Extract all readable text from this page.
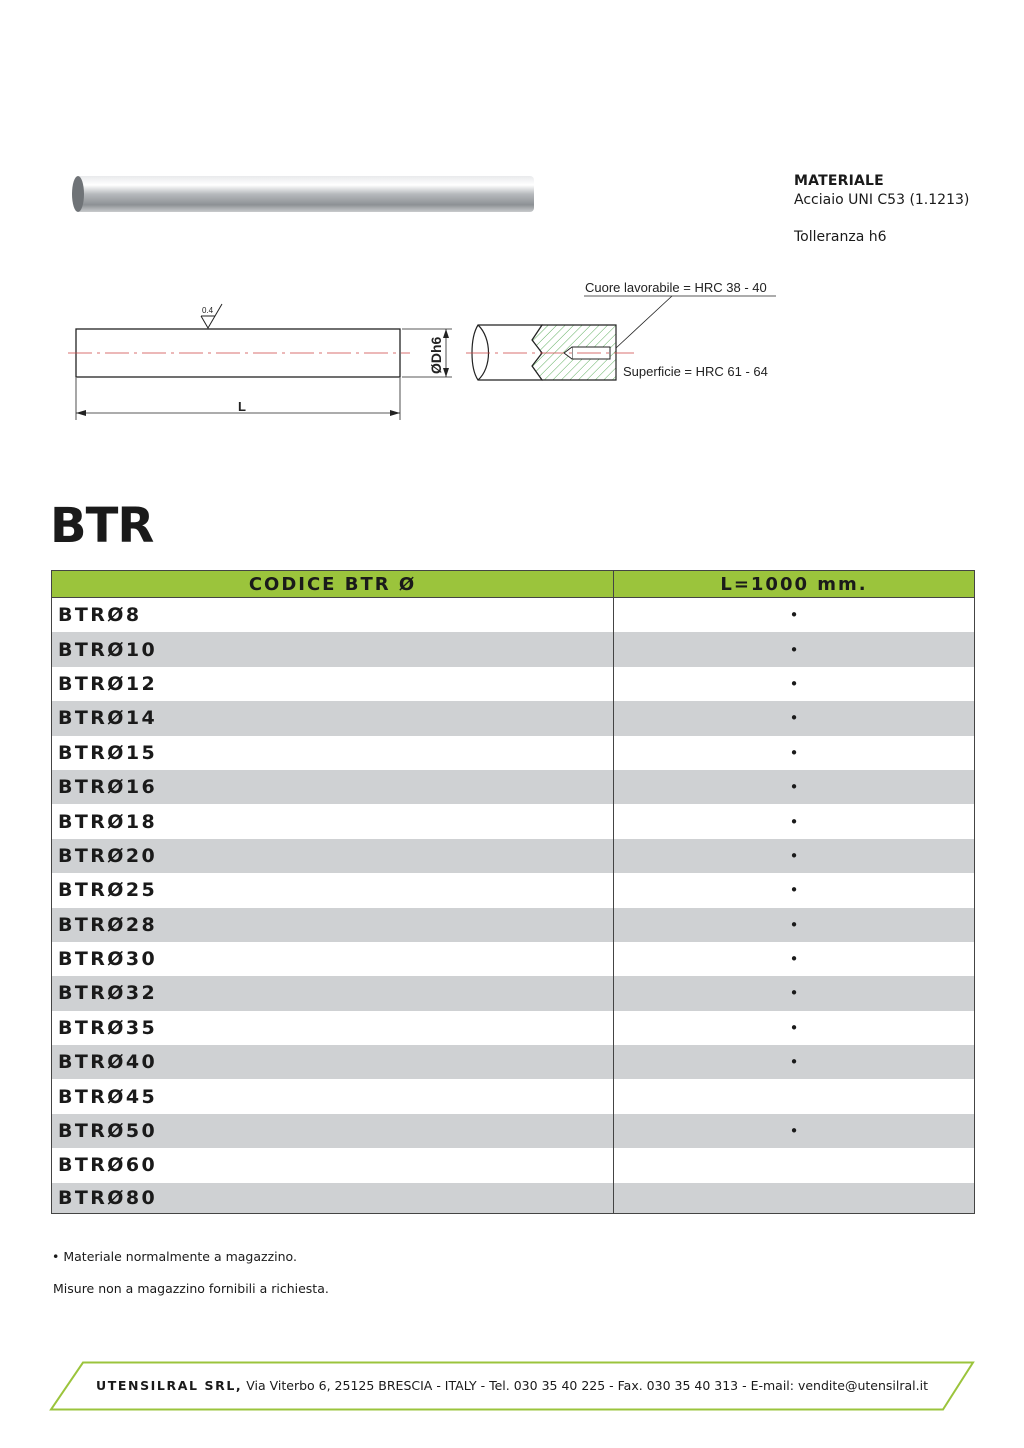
0.4
L
ØDh6
Cuore lavorabile = HRC 38 - 40
Superficie = HRC 61 - 64
MATERIALE
Acciaio UNI C53 (1.1213)
Tolleranza h6
BTR
CODICE BTR Ø	L=1000 mm.
BTRØ8	•
BTRØ10	•
BTRØ12	•
BTRØ14	•
BTRØ15	•
BTRØ16	•
BTRØ18	•
BTRØ20	•
BTRØ25	•
BTRØ28	•
BTRØ30	•
BTRØ32	•
BTRØ35	•
BTRØ40	•
BTRØ45
BTRØ50	•
BTRØ60
BTRØ80
• Materiale normalmente a magazzino.
Misure non a magazzino fornibili a richiesta.
UTENSILRAL SRL, Via Viterbo 6, 25125 BRESCIA - ITALY - Tel. 030 35 40 225 - Fax. 030 35 40 313 - E-mail: vendite@utensilral.it
